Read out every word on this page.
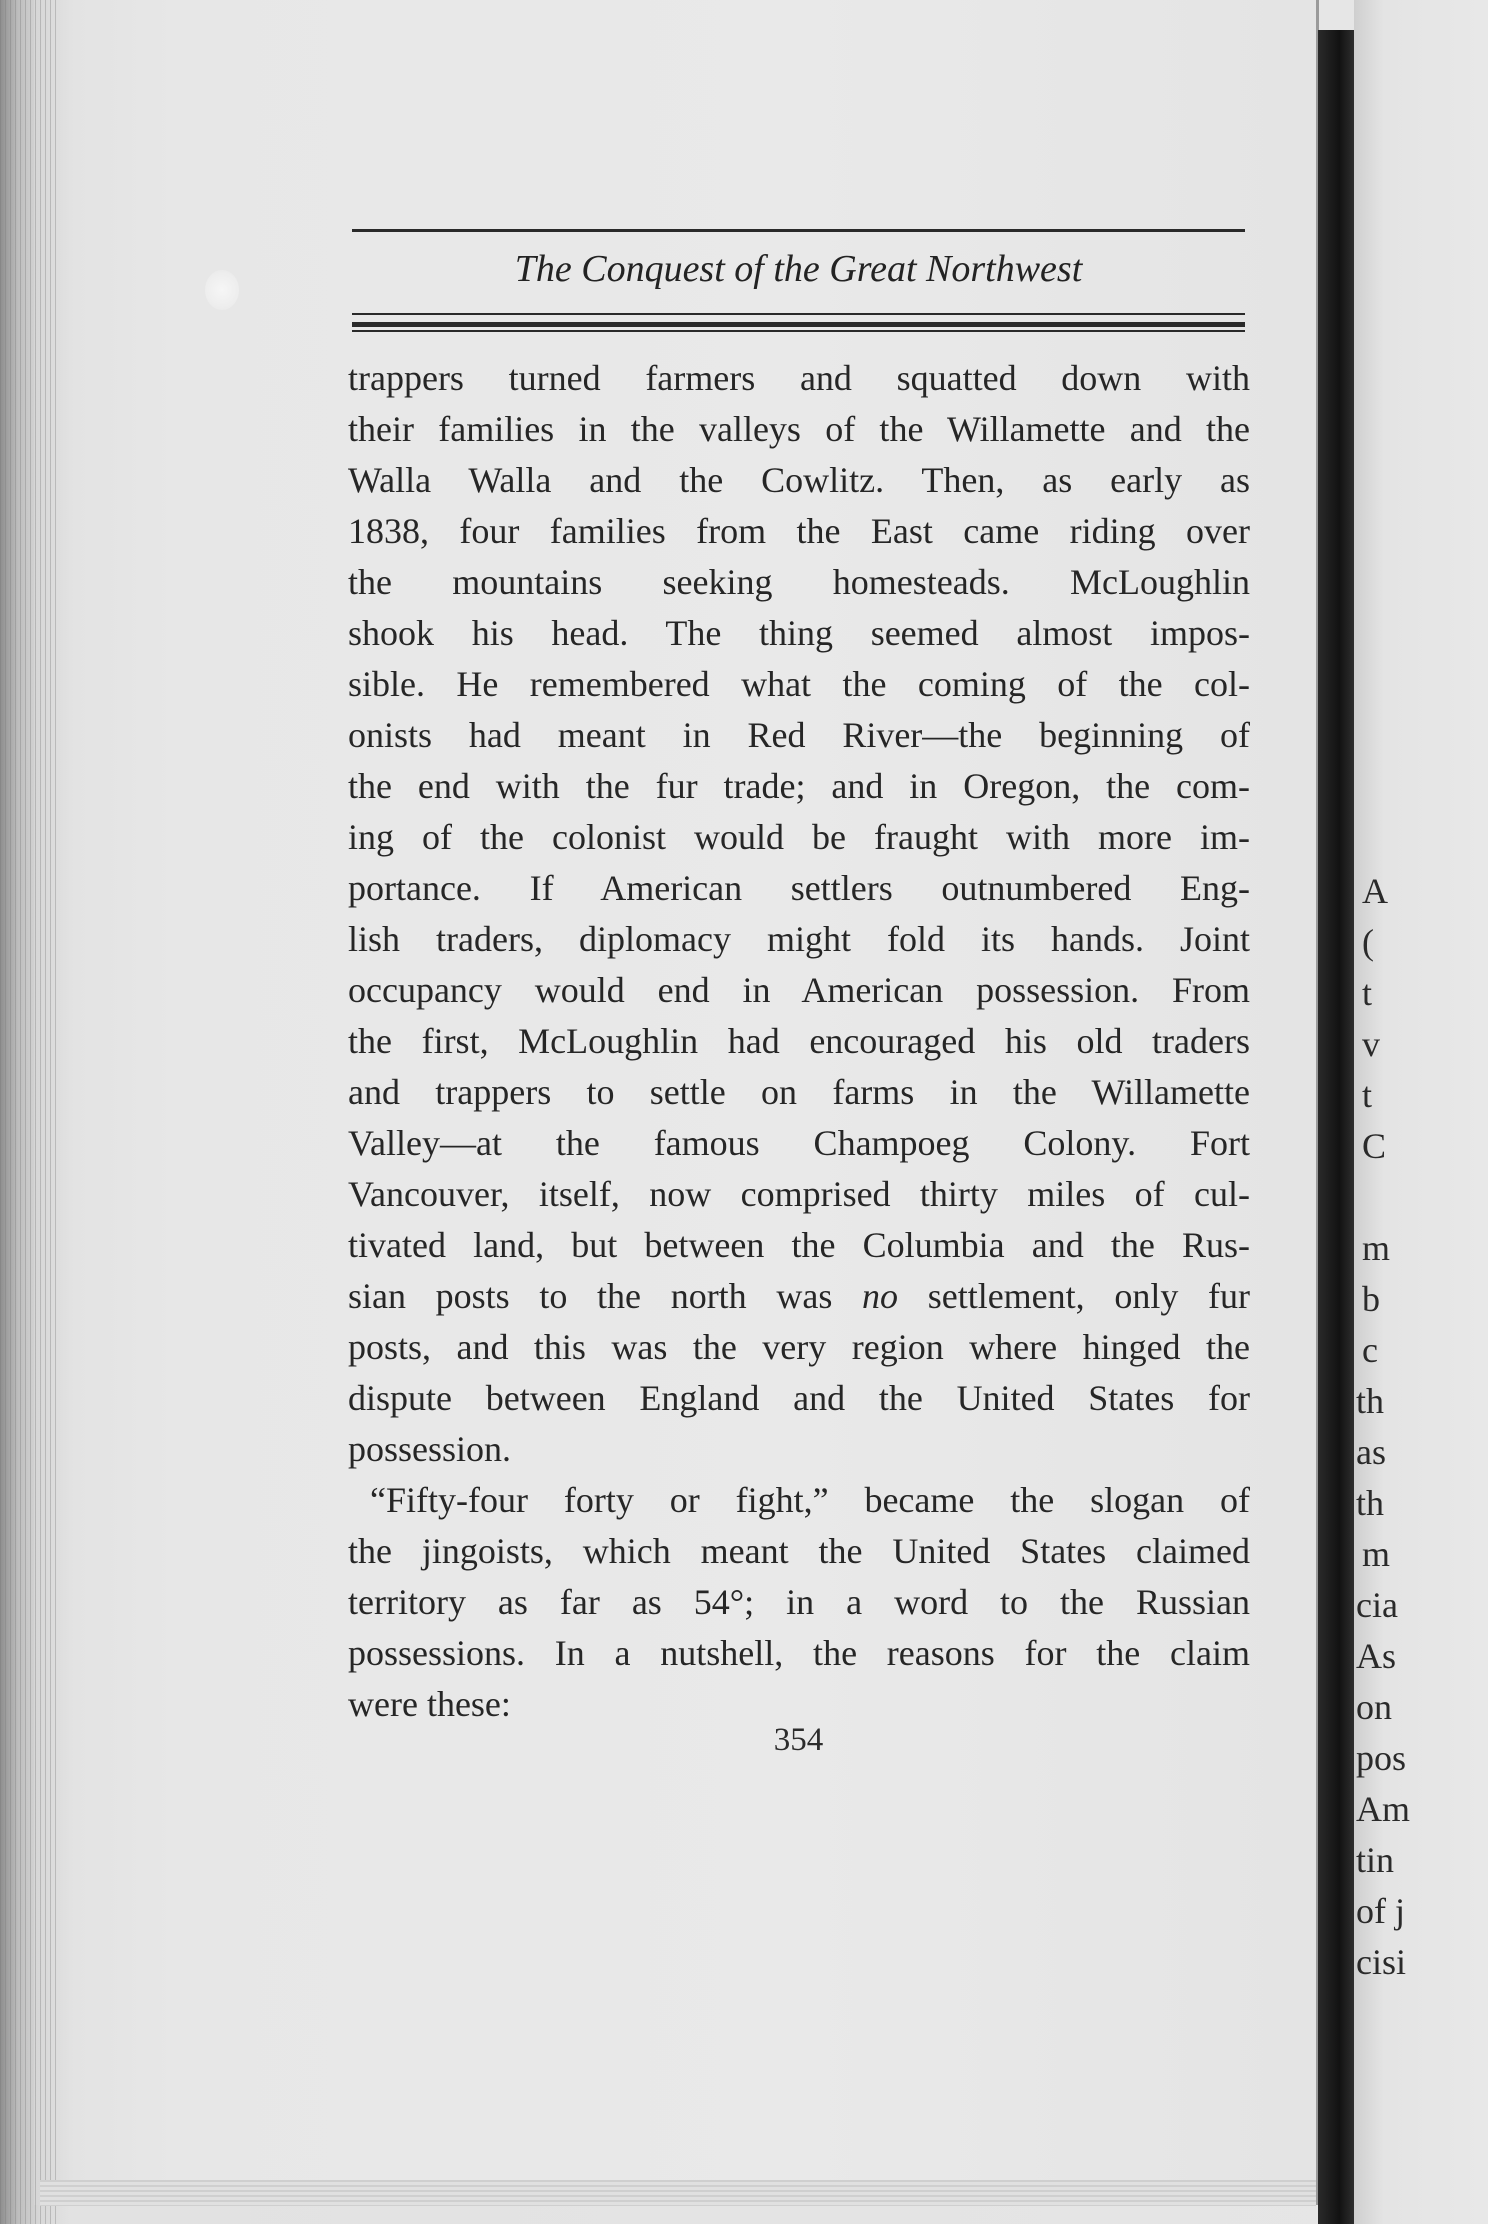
The Conquest of the Great Northwest
trappers turned farmers and squatted down with
their families in the valleys of the Willamette and the
Walla Walla and the Cowlitz. Then, as early as
1838, four families from the East came riding over
the mountains seeking homesteads. McLoughlin
shook his head. The thing seemed almost impos-
sible. He remembered what the coming of the col-
onists had meant in Red River—the beginning of
the end with the fur trade; and in Oregon, the com-
ing of the colonist would be fraught with more im-
portance. If American settlers outnumbered Eng-
lish traders, diplomacy might fold its hands. Joint
occupancy would end in American possession. From
the first, McLoughlin had encouraged his old traders
and trappers to settle on farms in the Willamette
Valley—at the famous Champoeg Colony. Fort
Vancouver, itself, now comprised thirty miles of cul-
tivated land, but between the Columbia and the Rus-
sian posts to the north was no settlement, only fur
posts, and this was the very region where hinged the
dispute between England and the United States for
possession.
“Fifty-four forty or fight,” became the slogan of
the jingoists, which meant the United States claimed
territory as far as 54°; in a word to the Russian
possessions. In a nutshell, the reasons for the claim
were these:
354
A
(
t
v
t
C
m
b
c
th
as
th
m
cia
As
on
pos
Am
tin
of j
cisi
